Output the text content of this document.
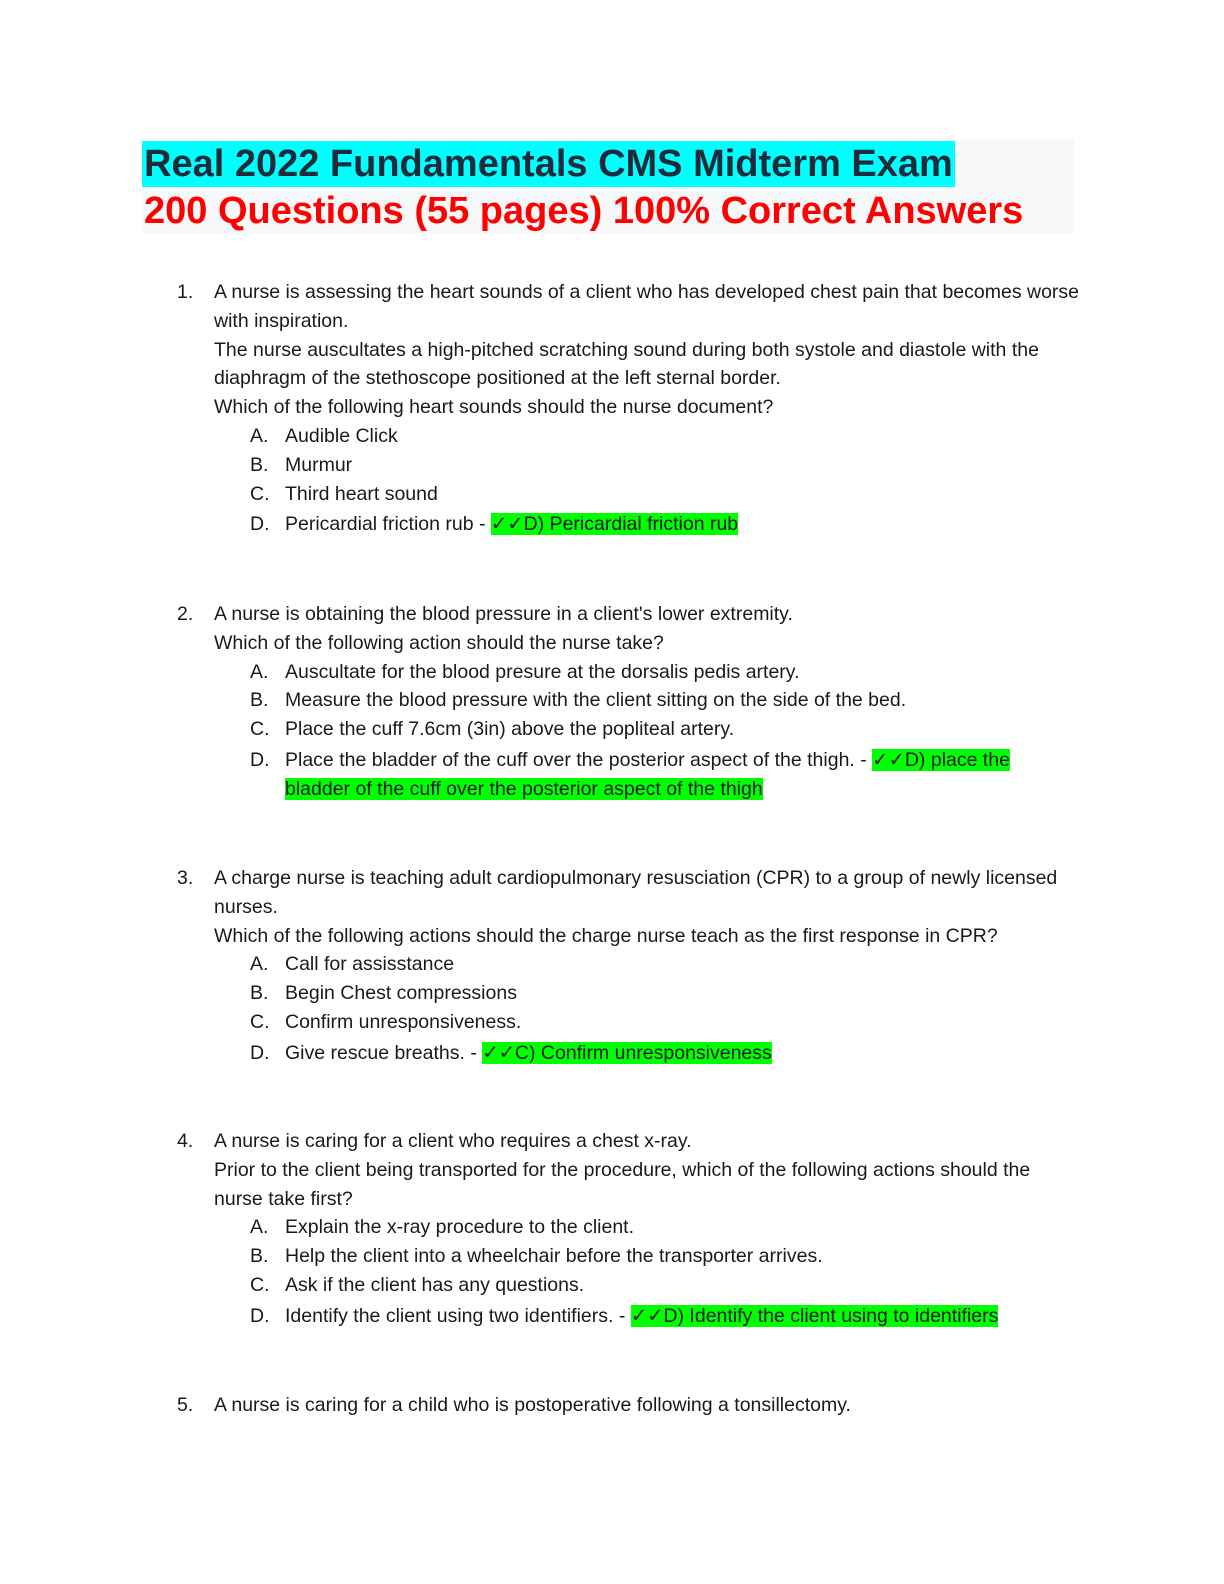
Real 2022 Fundamentals CMS Midterm Exam
200 Questions (55 pages) 100% Correct Answers
1.	A nurse is assessing the heart sounds of a client who has developed chest pain that becomes worse with inspiration.

The nurse auscultates a high-pitched scratching sound during both systole and diastole with the diaphragm of the stethoscope positioned at the left sternal border.

Which of the following heart sounds should the nurse document?

A. Audible Click
B. Murmur
C. Third heart sound
D. Pericardial friction rub - ✓✓D) Pericardial friction rub
2.	A nurse is obtaining the blood pressure in a client's lower extremity.

Which of the following action should the nurse take?

A. Auscultate for the blood presure at the dorsalis pedis artery.
B. Measure the blood pressure with the client sitting on the side of the bed.
C. Place the cuff 7.6cm (3in) above the popliteal artery.
D. Place the bladder of the cuff over the posterior aspect of the thigh. - ✓✓D) place the bladder of the cuff over the posterior aspect of the thigh
3.	A charge nurse is teaching adult cardiopulmonary resusciation (CPR) to a group of newly licensed nurses.

Which of the following actions should the charge nurse teach as the first response in CPR?

A. Call for assisstance
B. Begin Chest compressions
C. Confirm unresponsiveness.
D. Give rescue breaths. - ✓✓C) Confirm unresponsiveness
4.	A nurse is caring for a client who requires a chest x-ray.

Prior to the client being transported for the procedure, which of the following actions should the nurse take first?

A. Explain the x-ray procedure to the client.
B. Help the client into a wheelchair before the transporter arrives.
C. Ask if the client has any questions.
D. Identify the client using two identifiers. - ✓✓D) Identify the client using to identifiers
5.	A nurse is caring for a child who is postoperative following a tonsillectomy.
